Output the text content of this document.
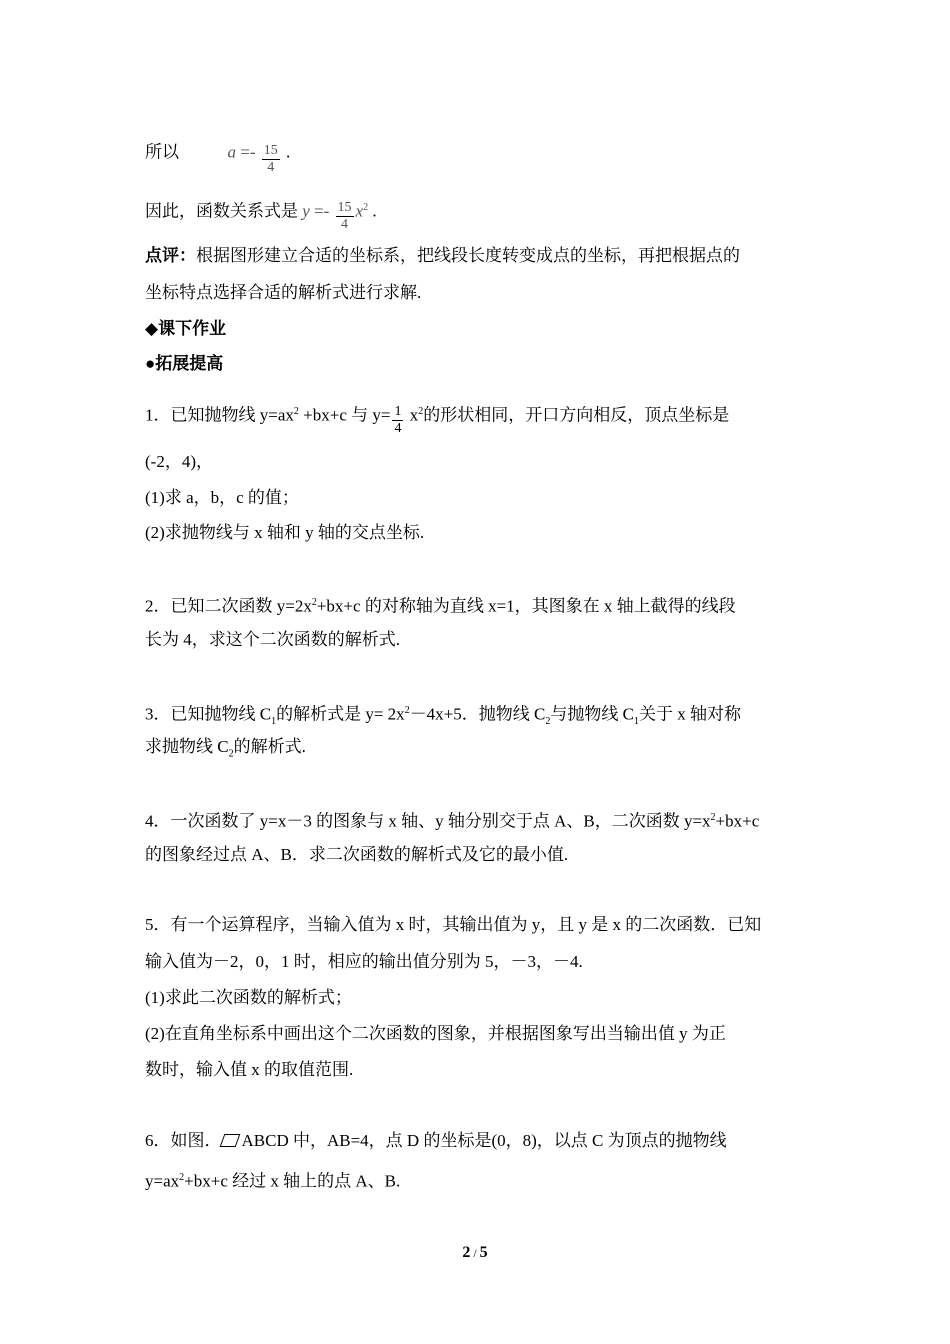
所以	$a =- \frac{15}{4}$ .
因此，函数关系式是 $y =- \frac{15}{4} x^2$ .
点评：根据图形建立合适的坐标系，把线段长度转变成点的坐标，再把根据点的
坐标特点选择合适的解析式进行求解.
◆课下作业
●拓展提高
1．已知抛物线 $y=ax^2 +bx+c$ 与 $y= \frac{1}{4} x^2$的形状相同，开口方向相反，顶点坐标是
(-2，4)，
(1)求 a，b，c 的值；
(2)求抛物线与 x 轴和 y 轴的交点坐标.
2．已知二次函数 $y=2x^2+bx+c$ 的对称轴为直线 x=1，其图象在 x 轴上截得的线段
长为 4，求这个二次函数的解析式.
3．已知抛物线 $C_1$的解析式是 $y= 2x^2-4x+5$．抛物线 $C_2$与抛物线 $C_1$关于 x 轴对称
求抛物线 $C_2$的解析式.
4．一次函数了 y=x－3 的图象与 x 轴、y 轴分别交于点 A、B，二次函数 $y=x^2+bx+c$
的图象经过点 A、B．求二次函数的解析式及它的最小值.
5．有一个运算程序，当输入值为 x 时，其输出值为 y，且 y 是 x 的二次函数．已知
输入值为－2，0，1 时，相应的输出值分别为 5，－3，－4.
(1)求此二次函数的解析式；
(2)在直角坐标系中画出这个二次函数的图象，并根据图象写出当输出值 y 为正
数时，输入值 x 的取值范围.
6．如图． ABCD 中，AB=4，点 D 的坐标是(0，8)，以点 C 为顶点的抛物线
$y=ax^2+bx+c$ 经过 x 轴上的点 A、B.
2 / 5
